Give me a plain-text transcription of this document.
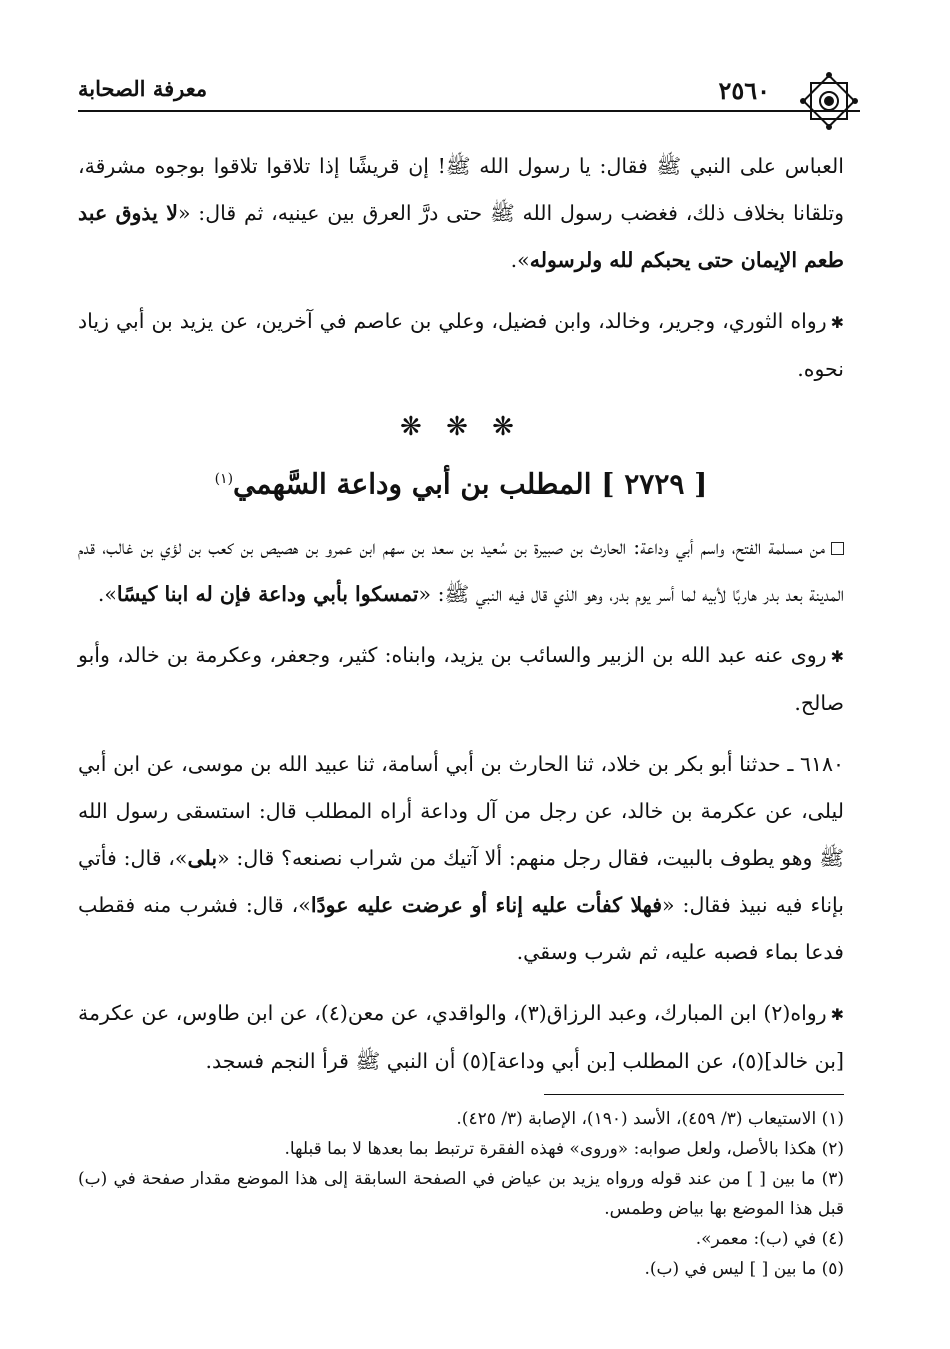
٢٥٦٠
معرفة الصحابة

العباس على النبي ﷺ فقال: يا رسول الله ﷺ! إن قريشًا إذا تلاقوا تلاقوا بوجوه مشرقة، وتلقانا بخلاف ذلك، فغضب رسول الله ﷺ حتى درَّ العرق بين عينيه، ثم قال: «لا يذوق عبد طعم الإيمان حتى يحبكم لله ولرسوله».

✱رواه الثوري، وجرير، وخالد، وابن فضيل، وعلي بن عاصم في آخرين، عن يزيد بن أبي زياد نحوه.

❋ ❋ ❋
[ ٢٧٢٩ ] المطلب بن أبي وداعة السَّهمي$^{(١)}$

من مسلمة الفتح، واسم أبي وداعة: الحارث بن صبيرة بن سُعيد بن سعد بن سهم ابن عمرو بن هصيص بن كعب بن لؤي بن غالب، قدم المدينة بعد بدر هاربًا لأبيه لما أسر يوم بدر، وهو الذي قال فيه النبي ﷺ: «تمسكوا بأبي وداعة فإن له ابنا كيسًا».

✱روى عنه عبد الله بن الزبير والسائب بن يزيد، وابناه: كثير، وجعفر، وعكرمة بن خالد، وأبو صالح.

٦١٨٠ ـ حدثنا أبو بكر بن خلاد، ثنا الحارث بن أبي أسامة، ثنا عبيد الله بن موسى، عن ابن أبي ليلى، عن عكرمة بن خالد، عن رجل من آل وداعة أراه المطلب قال: استسقى رسول الله ﷺ وهو يطوف بالبيت، فقال رجل منهم: ألا آتيك من شراب نصنعه؟ قال: «بلى»، قال: فأتي بإناء فيه نبيذ فقال: «فهلا كفأت عليه إناء أو عرضت عليه عودًا»، قال: فشرب منه فقطب فدعا بماء فصبه عليه، ثم شرب وسقي.

✱رواه(٢) ابن المبارك، وعبد الرزاق(٣)، والواقدي، عن معن(٤)، عن ابن طاوس، عن عكرمة [بن خالد](٥)، عن المطلب [بن أبي وداعة](٥) أن النبي ﷺ قرأ النجم فسجد.

(١) الاستيعاب (٣/ ٤٥٩)، الأسد (١٩٠)، الإصابة (٣/ ٤٢٥).
(٢) هكذا بالأصل، ولعل صوابه: «وروى» فهذه الفقرة ترتبط بما بعدها لا بما قبلها.
(٣) ما بين [ ] من عند قوله ورواه يزيد بن عياض في الصفحة السابقة إلى هذا الموضع مقدار صفحة في (ب) قبل هذا الموضع بها بياض وطمس.
(٤) في (ب): معمر».
(٥) ما بين [ ] ليس في (ب).
